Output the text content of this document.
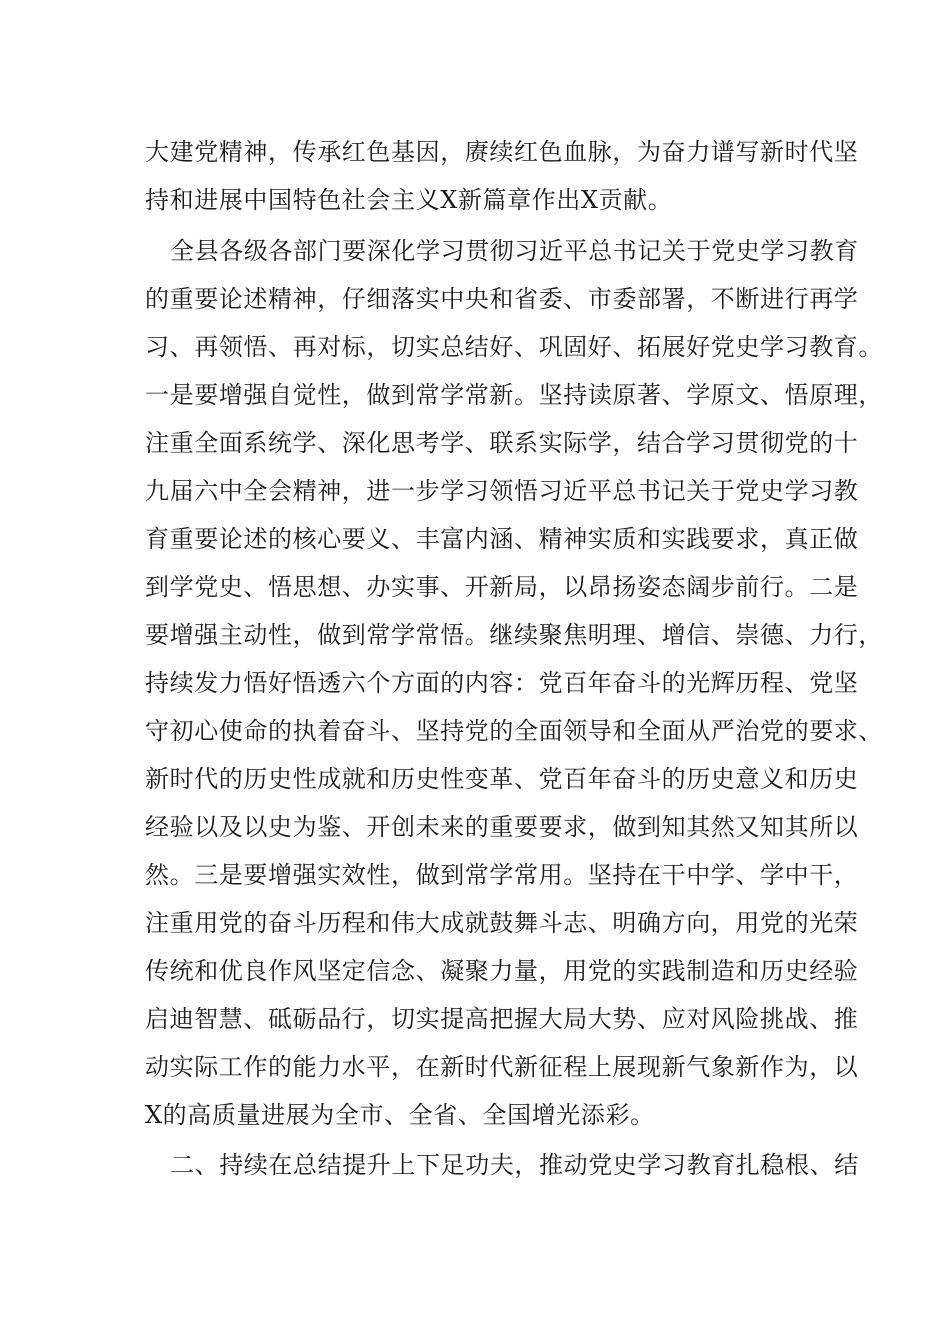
大建党精神，传承红色基因，赓续红色血脉，为奋力谱写新时代坚
持和进展中国特色社会主义X新篇章作出X贡献。
全县各级各部门要深化学习贯彻习近平总书记关于党史学习教育
的重要论述精神，仔细落实中央和省委、市委部署，不断进行再学
习、再领悟、再对标，切实总结好、巩固好、拓展好党史学习教育。
一是要增强自觉性，做到常学常新。坚持读原著、学原文、悟原理，
注重全面系统学、深化思考学、联系实际学，结合学习贯彻党的十
九届六中全会精神，进一步学习领悟习近平总书记关于党史学习教
育重要论述的核心要义、丰富内涵、精神实质和实践要求，真正做
到学党史、悟思想、办实事、开新局，以昂扬姿态阔步前行。二是
要增强主动性，做到常学常悟。继续聚焦明理、增信、崇德、力行，
持续发力悟好悟透六个方面的内容：党百年奋斗的光辉历程、党坚
守初心使命的执着奋斗、坚持党的全面领导和全面从严治党的要求、
新时代的历史性成就和历史性变革、党百年奋斗的历史意义和历史
经验以及以史为鉴、开创未来的重要要求，做到知其然又知其所以
然。三是要增强实效性，做到常学常用。坚持在干中学、学中干，
注重用党的奋斗历程和伟大成就鼓舞斗志、明确方向，用党的光荣
传统和优良作风坚定信念、凝聚力量，用党的实践制造和历史经验
启迪智慧、砥砺品行，切实提高把握大局大势、应对风险挑战、推
动实际工作的能力水平，在新时代新征程上展现新气象新作为，以
X的高质量进展为全市、全省、全国增光添彩。
二、持续在总结提升上下足功夫，推动党史学习教育扎稳根、结
